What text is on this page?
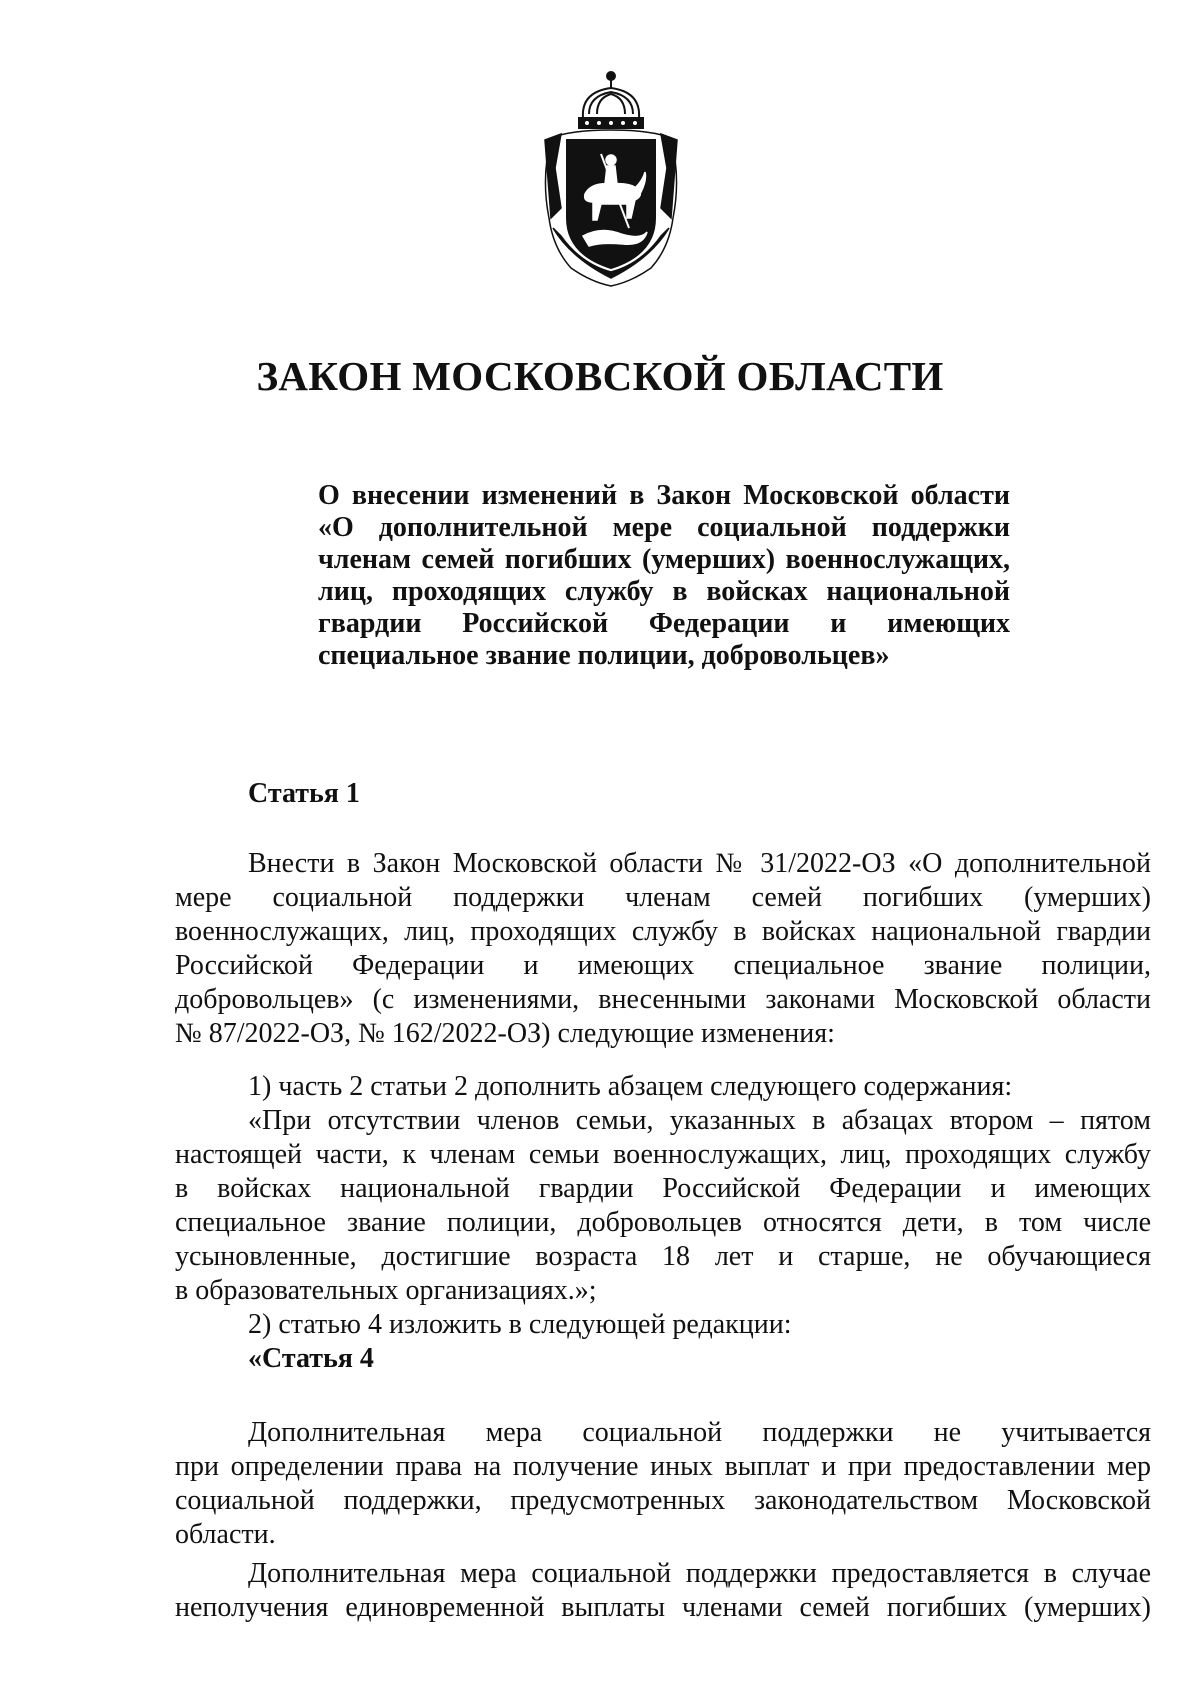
ЗАКОН МОСКОВСКОЙ ОБЛАСТИ
О внесении изменений в Закон Московской области
«О дополнительной мере социальной поддержки
членам семей погибших (умерших) военнослужащих,
лиц, проходящих службу в войсках национальной
гвардии Российской Федерации и имеющих
специальное звание полиции, добровольцев»
Статья 1
Внести в Закон Московской области № 31/2022-ОЗ «О дополнительной
мере социальной поддержки членам семей погибших (умерших)
военнослужащих, лиц, проходящих службу в войсках национальной гвардии
Российской Федерации и имеющих специальное звание полиции,
добровольцев» (с изменениями, внесенными законами Московской области
№ 87/2022-ОЗ, № 162/2022-ОЗ) следующие изменения:
1) часть 2 статьи 2 дополнить абзацем следующего содержания:
«При отсутствии членов семьи, указанных в абзацах втором – пятом
настоящей части, к членам семьи военнослужащих, лиц, проходящих службу
в войсках национальной гвардии Российской Федерации и имеющих
специальное звание полиции, добровольцев относятся дети, в том числе
усыновленные, достигшие возраста 18 лет и старше, не обучающиеся
в образовательных организациях.»;
2) статью 4 изложить в следующей редакции:
«Статья 4
Дополнительная мера социальной поддержки не учитывается
при определении права на получение иных выплат и при предоставлении мер
социальной поддержки, предусмотренных законодательством Московской
области.
Дополнительная мера социальной поддержки предоставляется в случае
неполучения единовременной выплаты членами семей погибших (умерших)
